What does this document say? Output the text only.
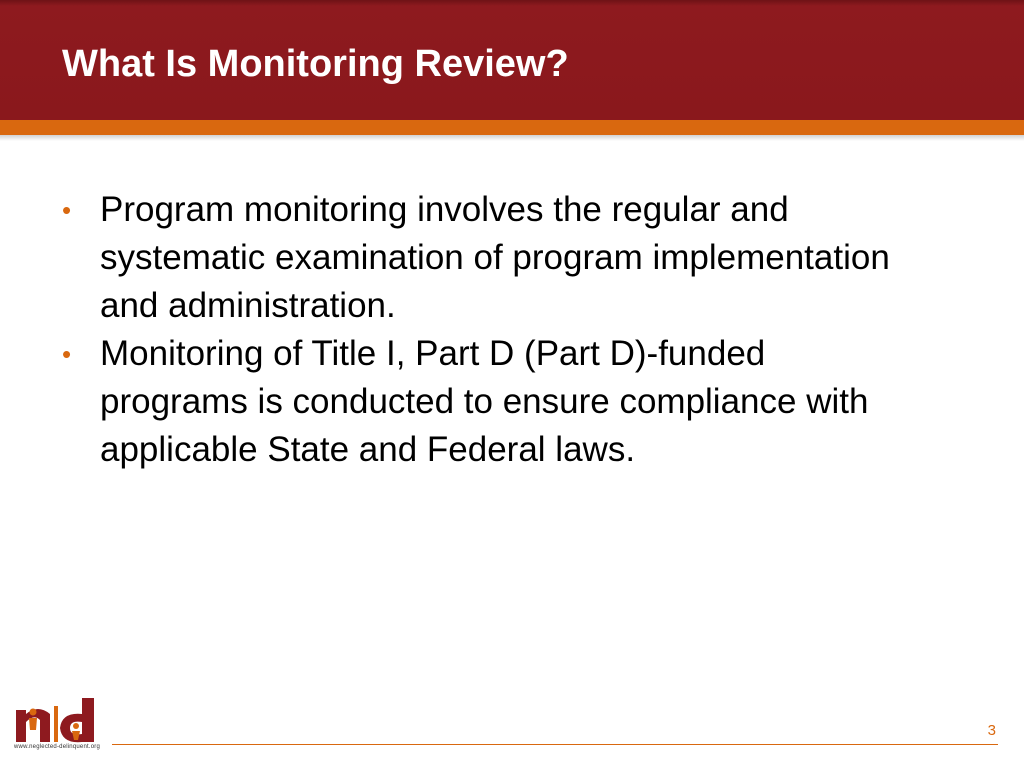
What Is Monitoring Review?
• Program monitoring involves the regular and systematic examination of program implementation and administration.
• Monitoring of Title I, Part D (Part D)-funded programs is conducted to ensure compliance with applicable State and Federal laws.
www.neglected-delinquent.org
3
